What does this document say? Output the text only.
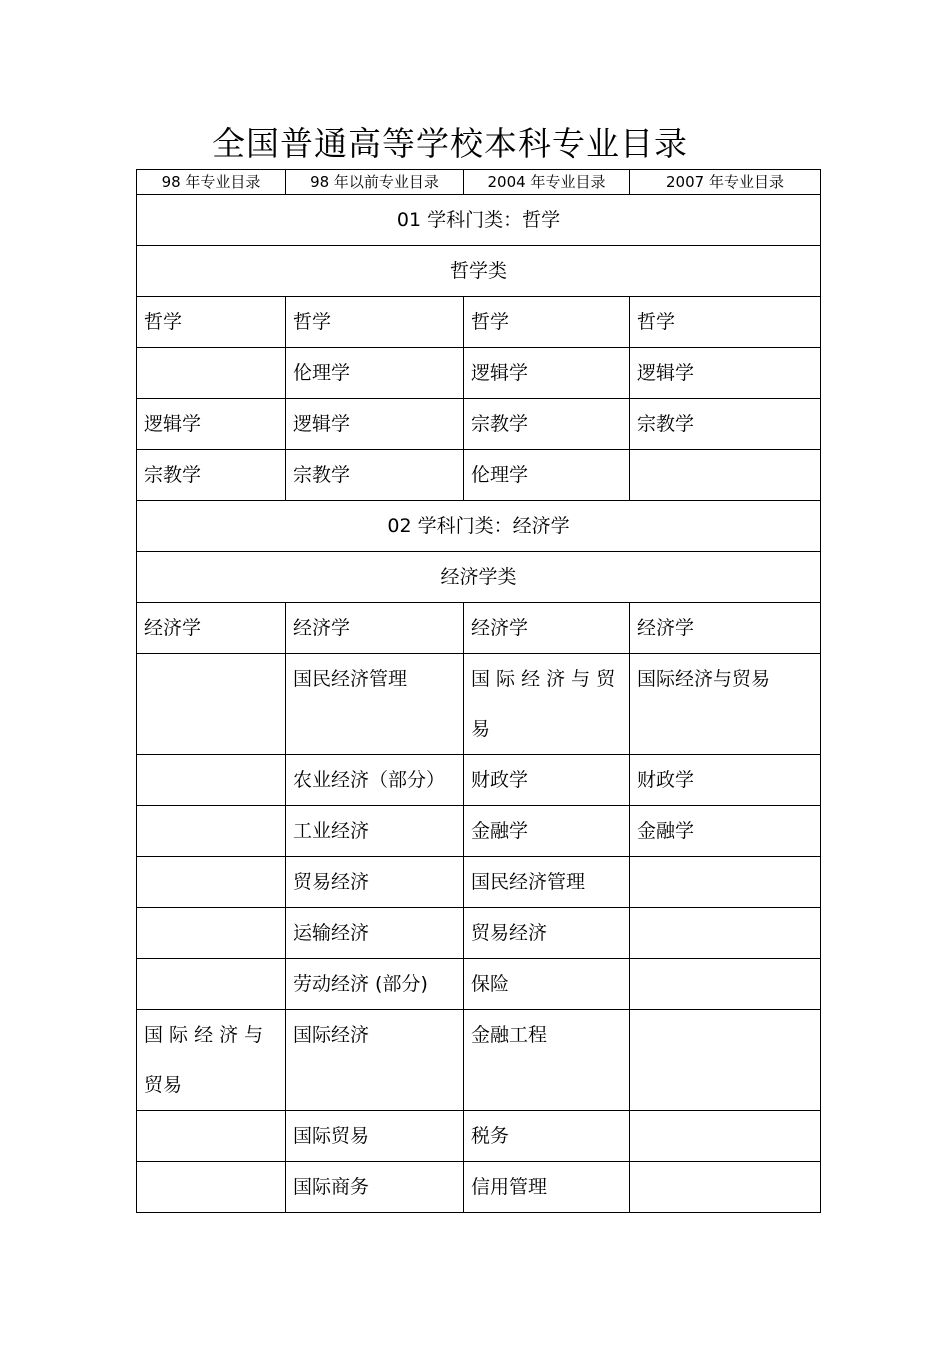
全国普通高等学校本科专业目录
98 年专业目录	98 年以前专业目录	2004 年专业目录	2007 年专业目录
01 学科门类：哲学			
哲学类			
哲学	哲学	哲学	哲学
	伦理学	逻辑学	逻辑学
逻辑学	逻辑学	宗教学	宗教学
宗教学	宗教学	伦理学	
02 学科门类：经济学			
经济学类			
经济学	经济学	经济学	经济学
	国民经济管理	国 际 经 济 与 贸 易	国际经济与贸易
	农业经济（部分）	财政学	财政学
	工业经济	金融学	金融学
	贸易经济	国民经济管理	
	运输经济	贸易经济	
	劳动经济 (部分)	保险	
国 际 经 济 与 贸易	国际经济	金融工程	
	国际贸易	税务	
	国际商务	信用管理	
